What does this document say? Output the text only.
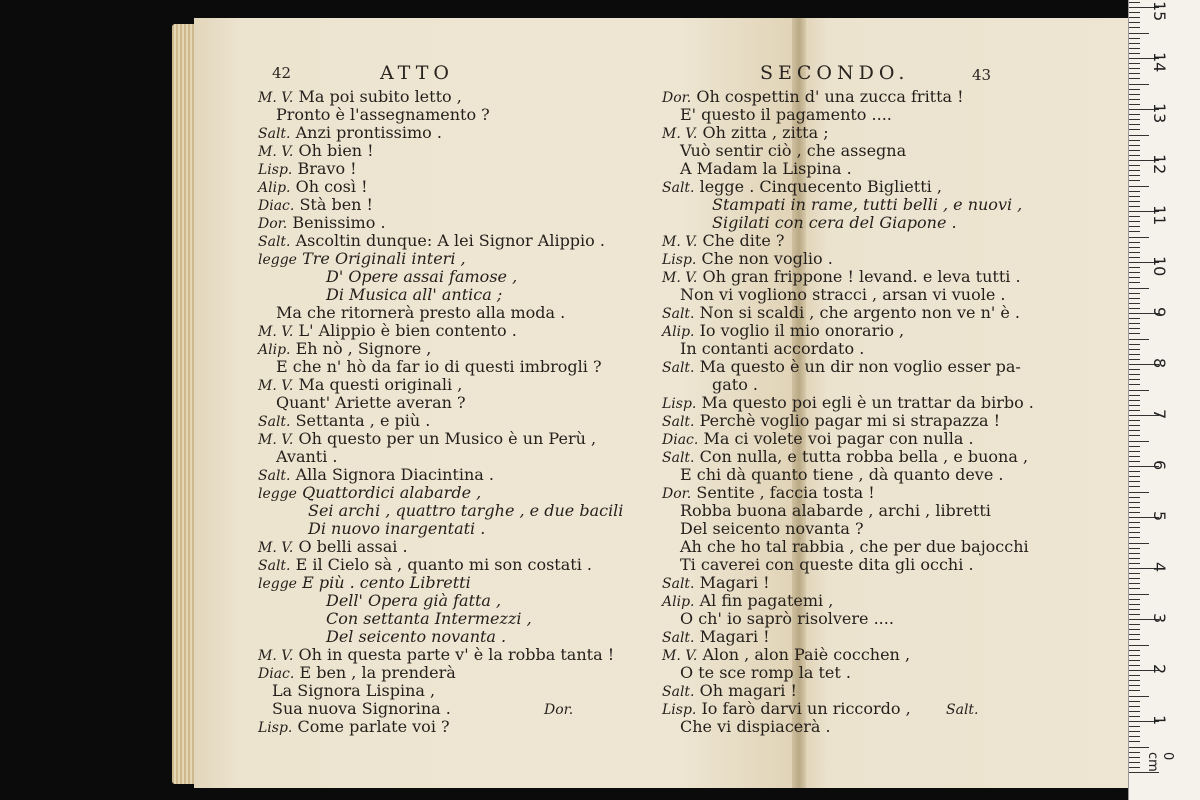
42	ATTO	SECONDO.	43
M. V. Ma poi subito letto ,
Pronto è l'assegnamento ?
Salt. Anzi prontissimo .
M. V. Oh bien !
Lisp. Bravo !
Alip. Oh così !
Diac. Stà ben !
Dor. Benissimo .
Salt. Ascoltin dunque: A lei Signor Alippio .
legge Tre Originali interi ,
D' Opere assai famose ,
Di Musica all' antica ;
Ma che ritornerà presto alla moda .
M. V. L' Alippio è bien contento .
Alip. Eh nò , Signore ,
E che n' hò da far io di questi imbrogli ?
M. V. Ma questi originali ,
Quant' Ariette averan ?
Salt. Settanta , e più .
M. V. Oh questo per un Musico è un Perù ,
Avanti .
Salt. Alla Signora Diacintina .
legge Quattordici alabarde ,
Sei archi , quattro targhe , e due bacili
Di nuovo inargentati .
M. V. O belli assai .
Salt. E il Cielo sà , quanto mi son costati .
legge E più . cento Libretti
Dell' Opera già fatta ,
Con settanta Intermezzi ,
Del seicento novanta .
M. V. Oh in questa parte v' è la robba tanta !
Diac. E ben , la prenderà
La Signora Lispina ,
Sua nuova Signorina .
Lisp. Come parlate voi ?
Dor. Oh cospettin d' una zucca fritta !
E' questo il pagamento ....
M. V. Oh zitta , zitta ;
Vuò sentir ciò , che assegna
A Madam la Lispina .
Salt. legge . Cinquecento Biglietti ,
Stampati in rame, tutti belli , e nuovi ,
Sigilati con cera del Giapone .
M. V. Che dite ?
Lisp. Che non voglio .
M. V. Oh gran frippone ! levand. e leva tutti .
Non vi vogliono stracci , arsan vi vuole .
Salt. Non si scaldi , che argento non ve n' è .
Alip. Io voglio il mio onorario ,
In contanti accordato .
Salt. Ma questo è un dir non voglio esser pa-
gato .
Lisp. Ma questo poi egli è un trattar da birbo .
Salt. Perchè voglio pagar mi si strapazza !
Diac. Ma ci volete voi pagar con nulla .
Salt. Con nulla, e tutta robba bella , e buona ,
E chi dà quanto tiene , dà quanto deve .
Dor. Sentite , faccia tosta !
Robba buona alabarde , archi , libretti
Del seicento novanta ?
Ah che ho tal rabbia , che per due bajocchi
Ti caverei con queste dita gli occhi .
Salt. Magari !
Alip. Al fin pagatemi ,
O ch' io saprò risolvere ....
Salt. Magari !
M. V. Alon , alon Paiè cocchen ,
O te sce romp la tet .
Salt. Oh magari !
Lisp. Io farò darvi un riccordo ,
Che vi dispiacerà .
Dor.	Salt.
1
2
3
4
5
6
7
8
9
10
11
12
13
14
15
0 cm
